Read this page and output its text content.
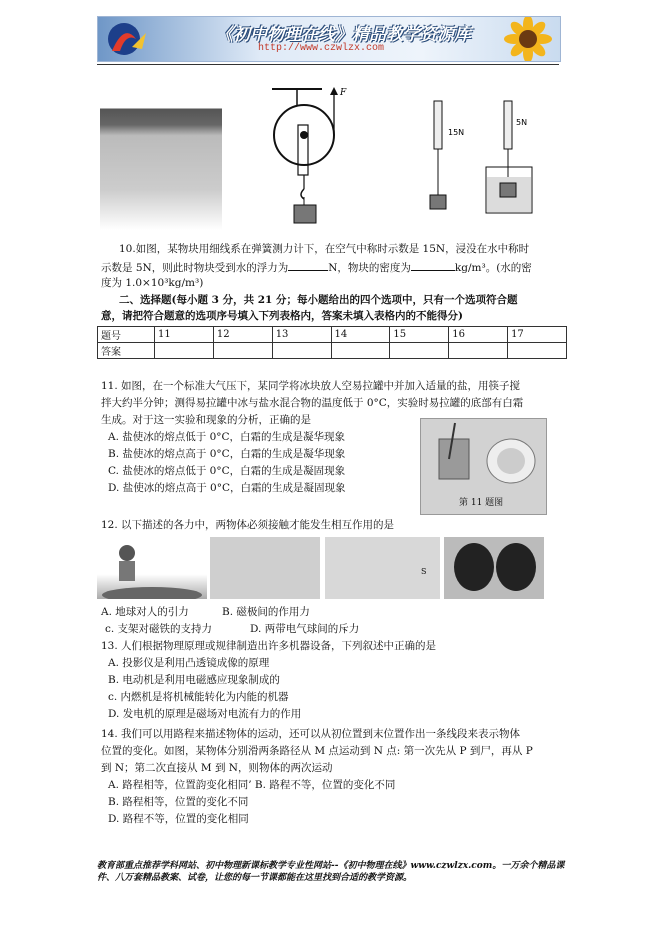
《初中物理在线》精品教学资源库
http://www.czwlzx.com
F
15N
5N
10.如图，某物块用细线系在弹簧测力计下，在空气中称时示数是 15N，浸没在水中称时
示数是 5N，则此时物块受到水的浮力为	N，物块的密度为	kg/m³。(水的密
度为 1.0×10³kg/m³)
二、选择题(每小题 3 分，共 21 分；每小题给出的四个选项中，只有一个选项符合题
意，请把符合题意的选项序号填入下列表格内，答案未填入表格内的不能得分)
题号	11	12	13	14	15	16	17
答案							
11. 如图，在一个标准大气压下，某同学将冰块放人空易拉罐中并加入适量的盐，用筷子搅
拌大约半分钟；测得易拉罐中冰与盐水混合物的温度低于 0°C，实验时易拉罐的底部有白霜
生成。对于这一实验和现象的分析，正确的是
A. 盐使冰的熔点低于 0°C，白霜的生成是凝华现象
B. 盐使冰的熔点高于 0°C，白霜的生成是凝华现象
C. 盐使冰的熔点低于 0°C，白霜的生成是凝固现象
D. 盐使冰的熔点高于 0°C，白霜的生成是凝固现象
第 11 题图
12. 以下描述的各力中，两物体必须接触才能发生相互作用的是
S
A. 地球对人的引力	B. 磁极间的作用力
c. 支架对磁铁的支持力	D. 两带电气球间的斥力
13. 人们根据物理原理或规律制造出许多机器设备，下列叙述中正确的是
A. 投影仪是利用凸透镜成像的原理
B. 电动机是利用电磁感应现象制成的
c. 内燃机是将机械能转化为内能的机器
D. 发电机的原理是磁场对电流有力的作用
14. 我们可以用路程来描述物体的运动，还可以从初位置到末位置作出一条线段来表示物体
位置的变化。如图，某物体分别滑两条路径从 M 点运动到 N 点: 第一次先从 P 到尸，再从 P
到 N；第二次直接从 M 到 N，则物体的两次运动
A. 路程相等，位置韵变化相同’ B. 路程不等，位置的变化不同
B. 路程相等，位置的变化不同
D. 路程不等，位置的变化相同
教育部重点推荐学科网站、初中物理新课标教学专业性网站--《初中物理在线》www.czwlzx.com。一万余个精品课件、八万套精品教案、试卷，让您的每一节课都能在这里找到合适的教学资源。
